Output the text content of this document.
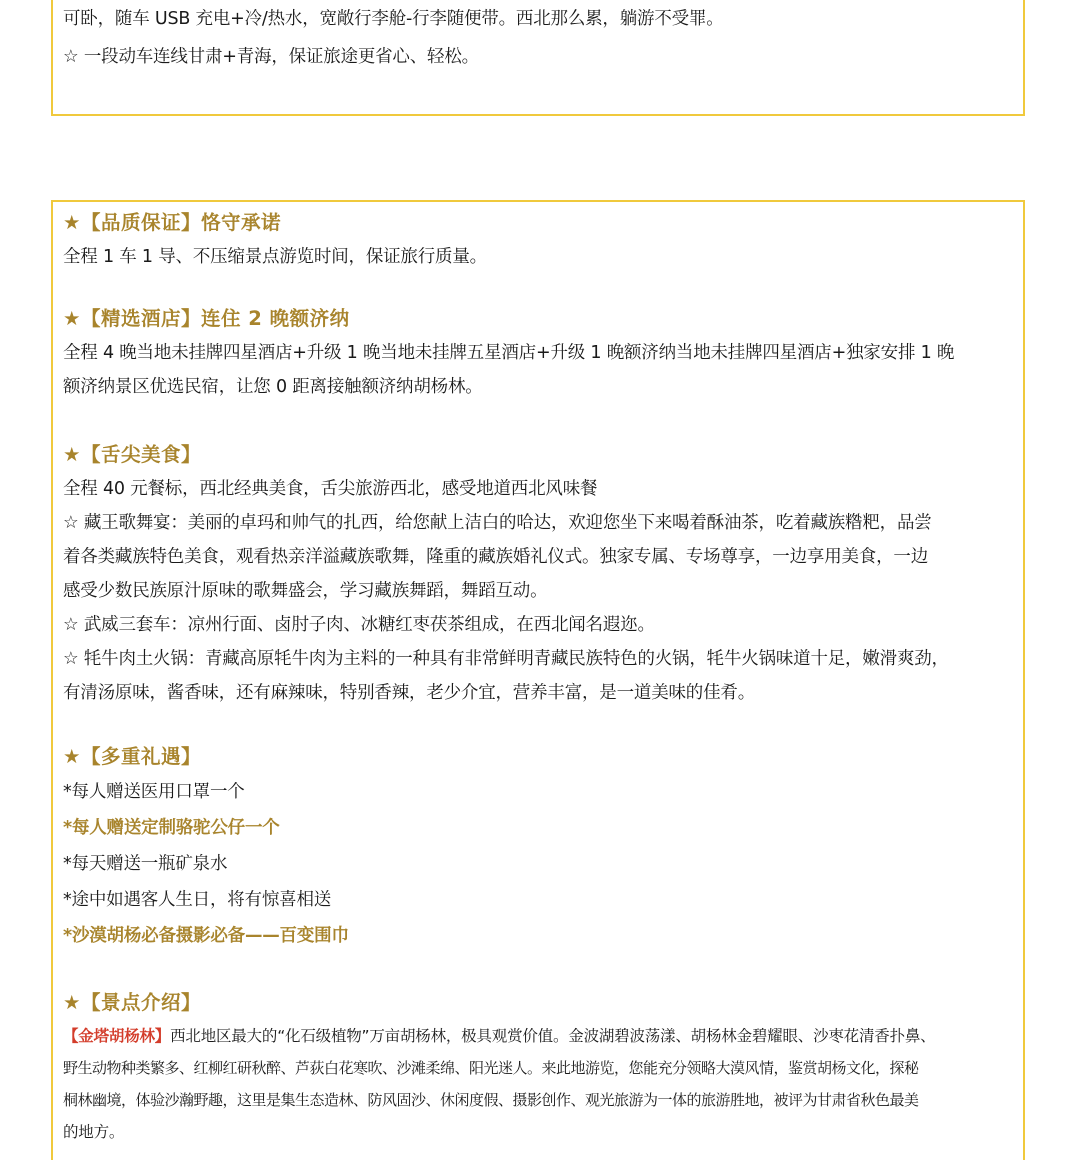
可卧，随车 USB 充电+冷/热水，宽敞行李舱-行李随便带。西北那么累，躺游不受罪。
☆ 一段动车连线甘肃+青海，保证旅途更省心、轻松。
★【品质保证】恪守承诺
全程 1 车 1 导、不压缩景点游览时间，保证旅行质量。
★【精选酒店】连住 2 晚额济纳
全程 4 晚当地未挂牌四星酒店+升级 1 晚当地未挂牌五星酒店+升级 1 晚额济纳当地未挂牌四星酒店+独家安排 1 晚
额济纳景区优选民宿，让您 0 距离接触额济纳胡杨林。
★【舌尖美食】
全程 40 元餐标，西北经典美食，舌尖旅游西北，感受地道西北风味餐
☆ 藏王歌舞宴：美丽的卓玛和帅气的扎西，给您献上洁白的哈达，欢迎您坐下来喝着酥油茶，吃着藏族糌粑，品尝
着各类藏族特色美食，观看热亲洋溢藏族歌舞，隆重的藏族婚礼仪式。独家专属、专场尊享，一边享用美食，一边
感受少数民族原汁原味的歌舞盛会，学习藏族舞蹈，舞蹈互动。
☆ 武威三套车：凉州行面、卤肘子肉、冰糖红枣茯茶组成，在西北闻名遐迩。
☆ 牦牛肉土火锅：青藏高原牦牛肉为主料的一种具有非常鲜明青藏民族特色的火锅，牦牛火锅味道十足，嫩滑爽劲，
有清汤原味，酱香味，还有麻辣味，特别香辣，老少介宜，营养丰富，是一道美味的佳肴。
★【多重礼遇】
*每人赠送医用口罩一个
*每人赠送定制骆驼公仔一个
*每天赠送一瓶矿泉水
*途中如遇客人生日，将有惊喜相送
*沙漠胡杨必备摄影必备——百变围巾
★【景点介绍】
【金塔胡杨林】西北地区最大的“化石级植物”万亩胡杨林，极具观赏价值。金波湖碧波荡漾、胡杨林金碧耀眼、沙枣花清香扑鼻、
野生动物种类繁多、红柳红研秋醉、芦荻白花寒吹、沙滩柔绵、阳光迷人。来此地游览，您能充分领略大漠风情，鉴赏胡杨文化，探秘
桐林幽境，体验沙瀚野趣，这里是集生态造林、防风固沙、休闲度假、摄影创作、观光旅游为一体的旅游胜地，被评为甘肃省秋色最美
的地方。
